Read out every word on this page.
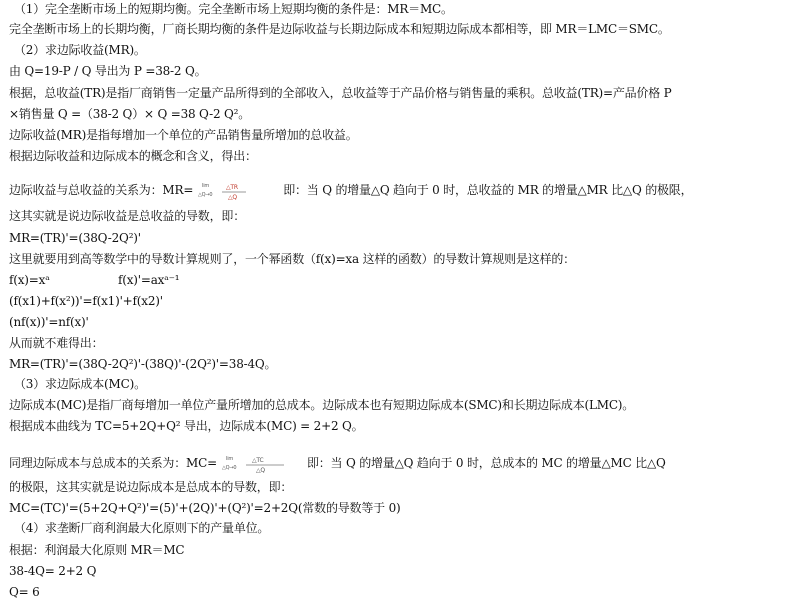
（1）完全垄断市场上的短期均衡。完全垄断市场上短期均衡的条件是：MR＝MC。
完全垄断市场上的长期均衡，厂商长期均衡的条件是边际收益与长期边际成本和短期边际成本都相等，即 MR＝LMC＝SMC。
（2）求边际收益(MR)。
由 Q=19-P / Q 导出为 P =38-2 Q。
根据，总收益(TR)是指厂商销售一定量产品所得到的全部收入，总收益等于产品价格与销售量的乘积。总收益(TR)=产品价格 P
×销售量 Q =（38-2 Q）× Q =38 Q-2 Q²。
边际收益(MR)是指每增加一个单位的产品销售量所增加的总收益。
根据边际收益和边际成本的概念和含义，得出：
边际收益与总收益的关系为：MR= lim
△Q→0
△TR
△Q	即：当 Q 的增量△Q 趋向于 0 时，总收益的 MR 的增量△MR 比△Q 的极限，
这其实就是说边际收益是总收益的导数，即：
MR=(TR)'=(38Q-2Q²)'
这里就要用到高等数学中的导数计算规则了，一个幂函数（f(x)=xa 这样的函数）的导数计算规则是这样的：
f(x)=xᵃ	f(x)'=axᵃ⁻¹
(f(x1)+f(x²))'=f(x1)'+f(x2)'
(nf(x))'=nf(x)'
从而就不难得出：
MR=(TR)'=(38Q-2Q²)'-(38Q)'-(2Q²)'=38-4Q。
（3）求边际成本(MC)。
边际成本(MC)是指厂商每增加一单位产量所增加的总成本。边际成本也有短期边际成本(SMC)和长期边际成本(LMC)。
根据成本曲线为 TC=5+2Q+Q² 导出，边际成本(MC) = 2+2 Q。
同理边际成本与总成本的关系为：MC= lim
△Q→0
△TC
△Q	即：当 Q 的增量△Q 趋向于 0 时，总成本的 MC 的增量△MC 比△Q
的极限，这其实就是说边际成本是总成本的导数，即：
MC=(TC)'=(5+2Q+Q²)'=(5)'+(2Q)'+(Q²)'=2+2Q(常数的导数等于 0)
（4）求垄断厂商利润最大化原则下的产量单位。
根据：利润最大化原则 MR＝MC
38-4Q= 2+2 Q
Q= 6
